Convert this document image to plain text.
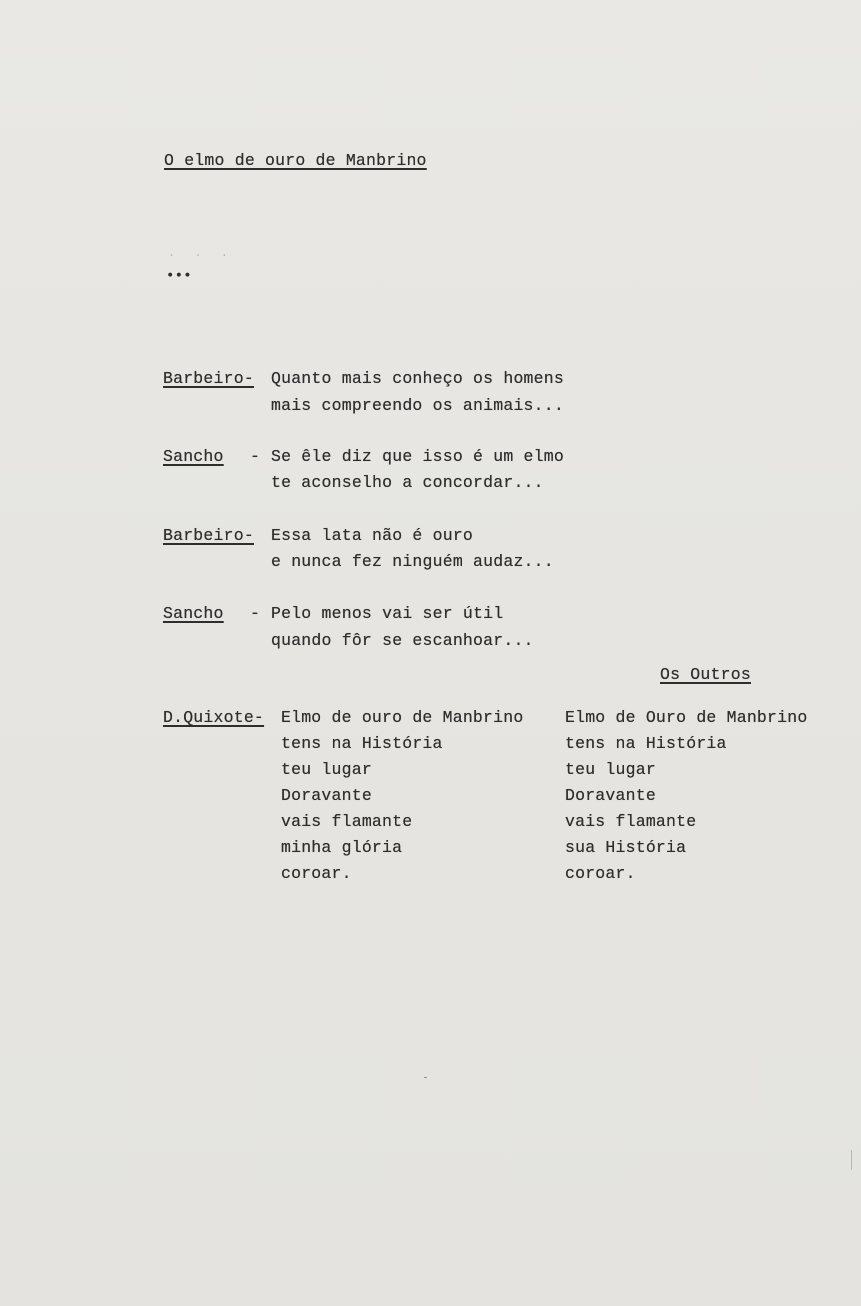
O elmo de ouro de Manbrino
. . .
•••
Barbeiro- Quanto mais conheço os homens
mais compreendo os animais...
Sancho - Se êle diz que isso é um elmo
te aconselho a concordar...
Barbeiro- Essa lata não é ouro
e nunca fez ninguém audaz...
Sancho - Pelo menos vai ser útil
quando fôr se escanhoar...
Os Outros
D.Quixote- Elmo de ouro de Manbrino
tens na História
teu lugar
Doravante
vais flamante
minha glória
coroar.
Elmo de Ouro de Manbrino
tens na História
teu lugar
Doravante
vais flamante
sua História
coroar.
